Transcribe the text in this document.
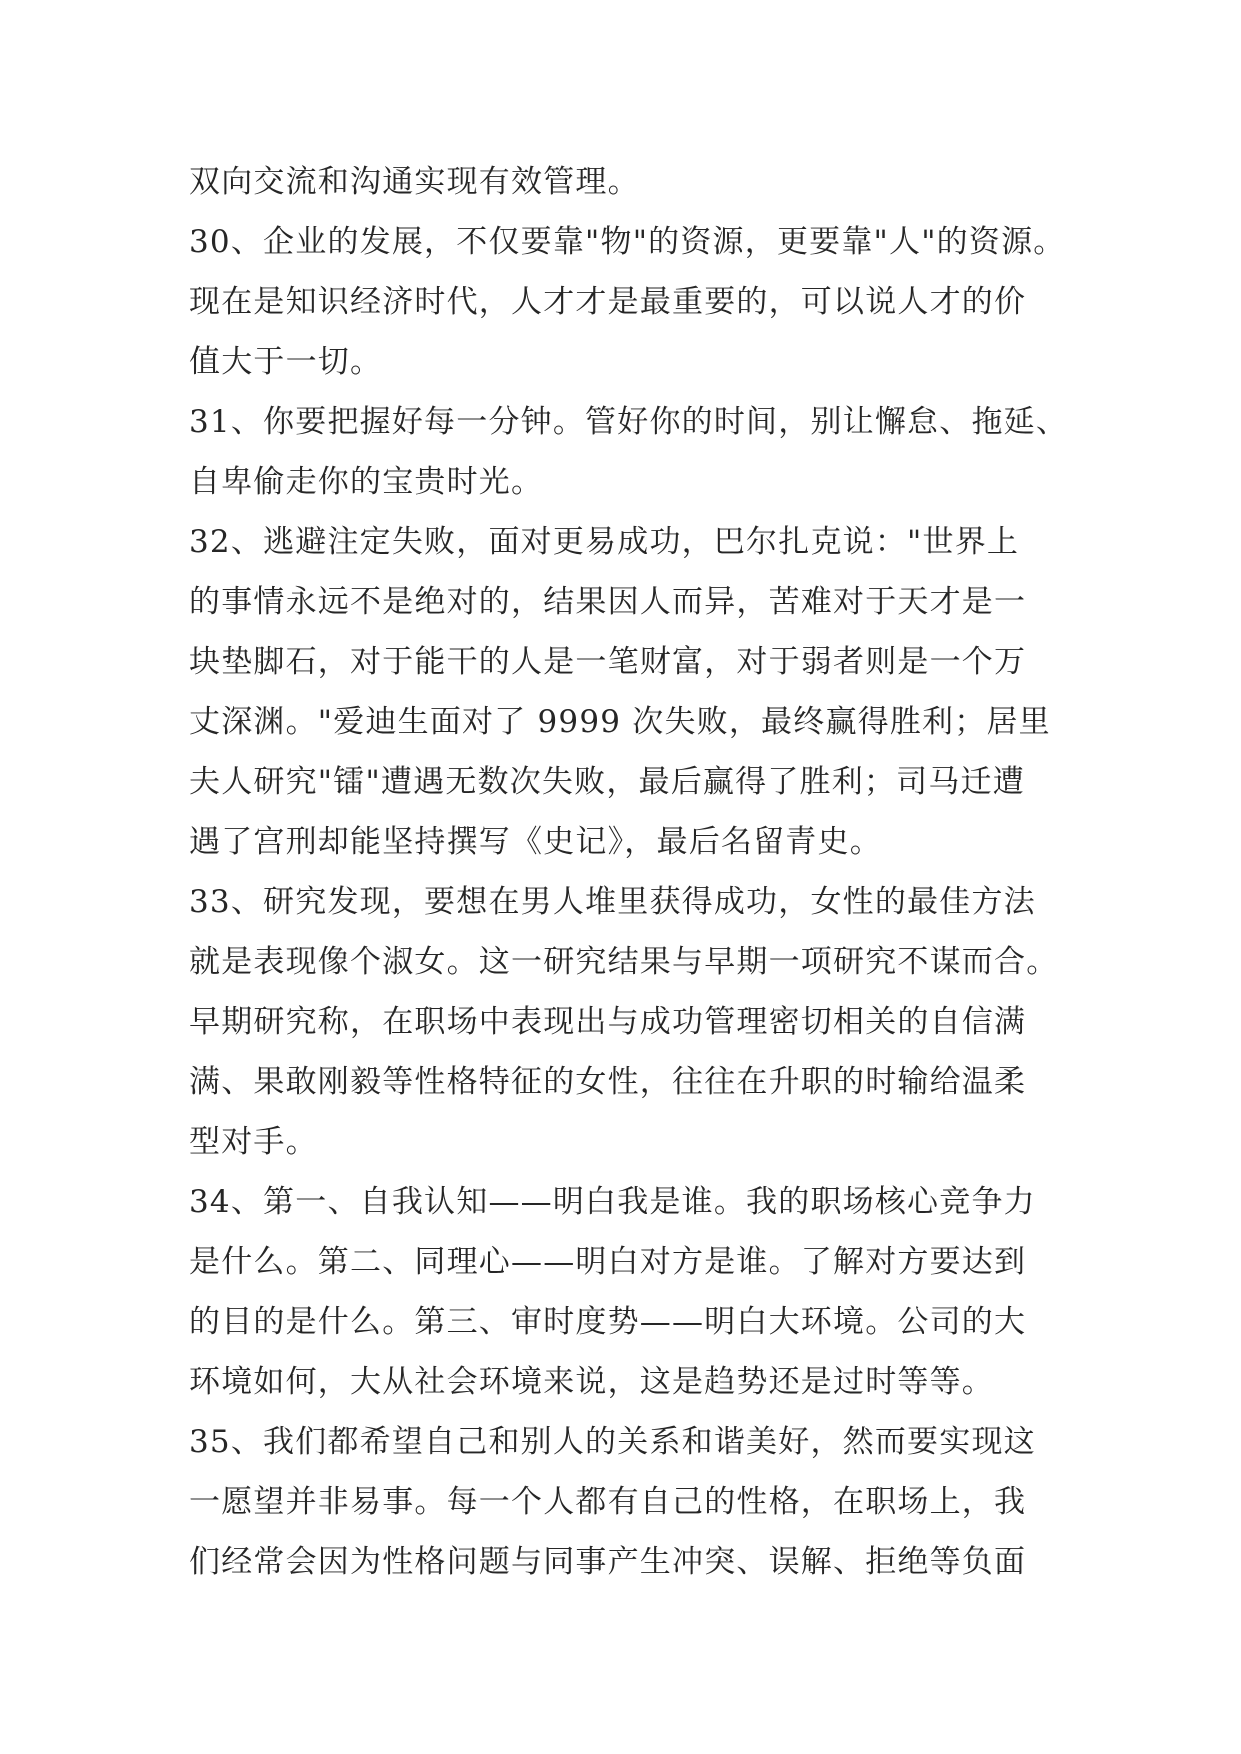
双向交流和沟通实现有效管理。
30、企业的发展，不仅要靠"物"的资源，更要靠"人"的资源。
现在是知识经济时代，人才才是最重要的，可以说人才的价
值大于一切。
31、你要把握好每一分钟。管好你的时间，别让懈怠、拖延、
自卑偷走你的宝贵时光。
32、逃避注定失败，面对更易成功，巴尔扎克说："世界上
的事情永远不是绝对的，结果因人而异，苦难对于天才是一
块垫脚石，对于能干的人是一笔财富，对于弱者则是一个万
丈深渊。"爱迪生面对了 9999 次失败，最终赢得胜利；居里
夫人研究"镭"遭遇无数次失败，最后赢得了胜利；司马迁遭
遇了宫刑却能坚持撰写《史记》，最后名留青史。
33、研究发现，要想在男人堆里获得成功，女性的最佳方法
就是表现像个淑女。这一研究结果与早期一项研究不谋而合。
早期研究称，在职场中表现出与成功管理密切相关的自信满
满、果敢刚毅等性格特征的女性，往往在升职的时输给温柔
型对手。
34、第一、自我认知——明白我是谁。我的职场核心竞争力
是什么。第二、同理心——明白对方是谁。了解对方要达到
的目的是什么。第三、审时度势——明白大环境。公司的大
环境如何，大从社会环境来说，这是趋势还是过时等等。
35、我们都希望自己和别人的关系和谐美好，然而要实现这
一愿望并非易事。每一个人都有自己的性格，在职场上，我
们经常会因为性格问题与同事产生冲突、误解、拒绝等负面
